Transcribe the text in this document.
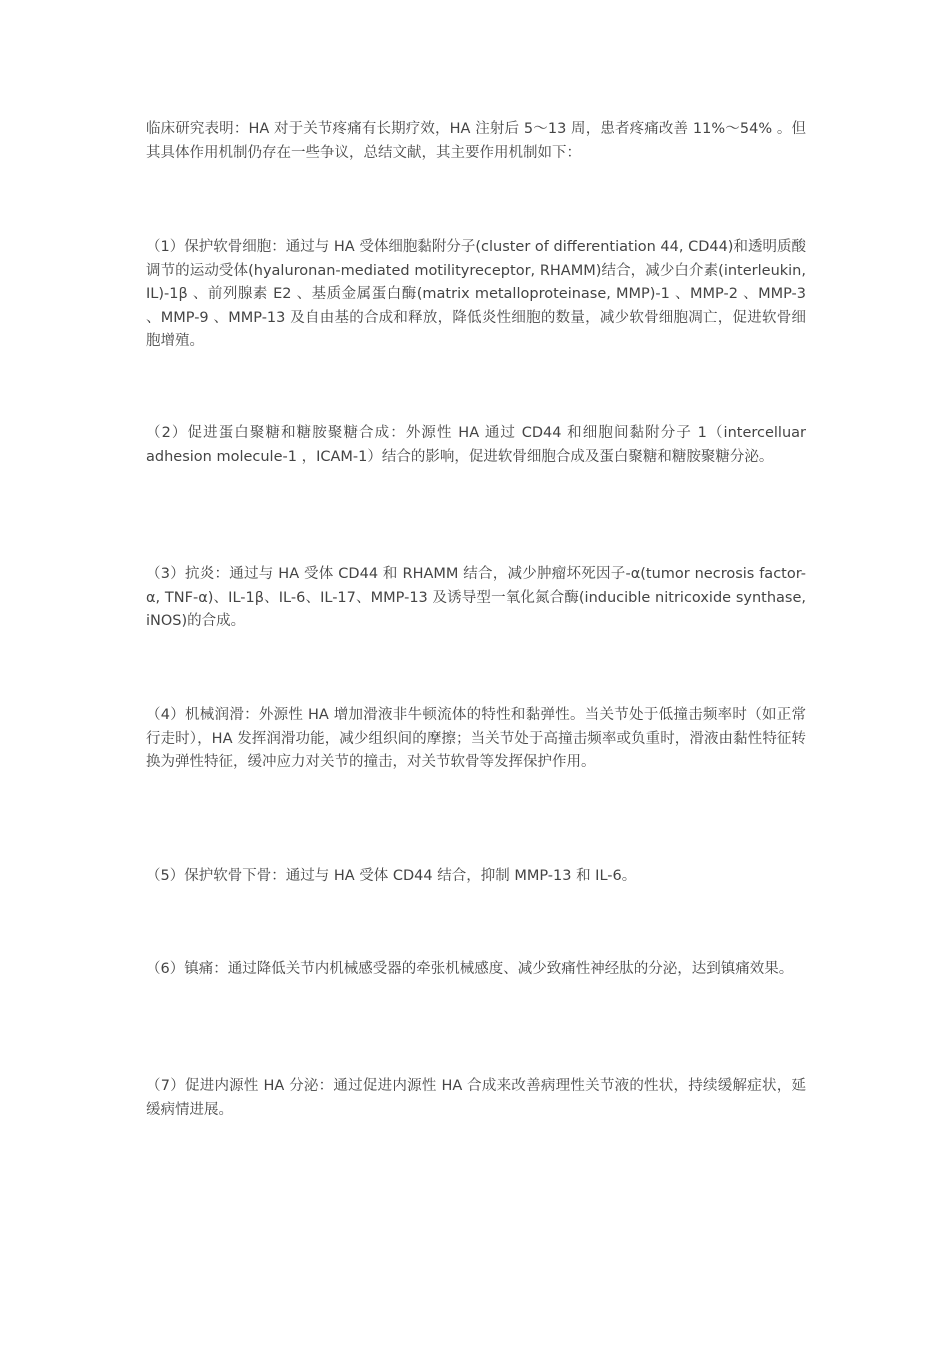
临床研究表明：HA 对于关节疼痛有长期疗效，HA 注射后 5～13 周，患者疼痛改善 11%～54% 。但其具体作用机制仍存在一些争议，总结文献，其主要作用机制如下：

（1）保护软骨细胞：通过与 HA 受体细胞黏附分子(cluster of differentiation 44, CD44)和透明质酸调节的运动受体(hyaluronan-mediated motilityreceptor, RHAMM)结合，减少白介素(interleukin, IL)-1β 、前列腺素 E2 、基质金属蛋白酶(matrix metalloproteinase, MMP)-1 、MMP-2 、MMP-3 、MMP-9 、MMP-13 及自由基的合成和释放，降低炎性细胞的数量，减少软骨细胞凋亡，促进软骨细胞增殖。

（2）促进蛋白聚糖和糖胺聚糖合成：外源性 HA 通过 CD44 和细胞间黏附分子 1（intercelluar adhesion molecule-1 ，ICAM-1）结合的影响，促进软骨细胞合成及蛋白聚糖和糖胺聚糖分泌。

（3）抗炎：通过与 HA 受体 CD44 和 RHAMM 结合，减少肿瘤坏死因子-α(tumor necrosis factor-α, TNF-α)、IL-1β、IL-6、IL-17、MMP-13 及诱导型一氧化氮合酶(inducible nitricoxide synthase, iNOS)的合成。

（4）机械润滑：外源性 HA 增加滑液非牛顿流体的特性和黏弹性。当关节处于低撞击频率时（如正常行走时），HA 发挥润滑功能，减少组织间的摩擦；当关节处于高撞击频率或负重时，滑液由黏性特征转换为弹性特征，缓冲应力对关节的撞击，对关节软骨等发挥保护作用。

（5）保护软骨下骨：通过与 HA 受体 CD44 结合，抑制 MMP-13 和 IL-6。

（6）镇痛：通过降低关节内机械感受器的牵张机械感度、减少致痛性神经肽的分泌，达到镇痛效果。

（7）促进内源性 HA 分泌：通过促进内源性 HA 合成来改善病理性关节液的性状，持续缓解症状，延缓病情进展。
